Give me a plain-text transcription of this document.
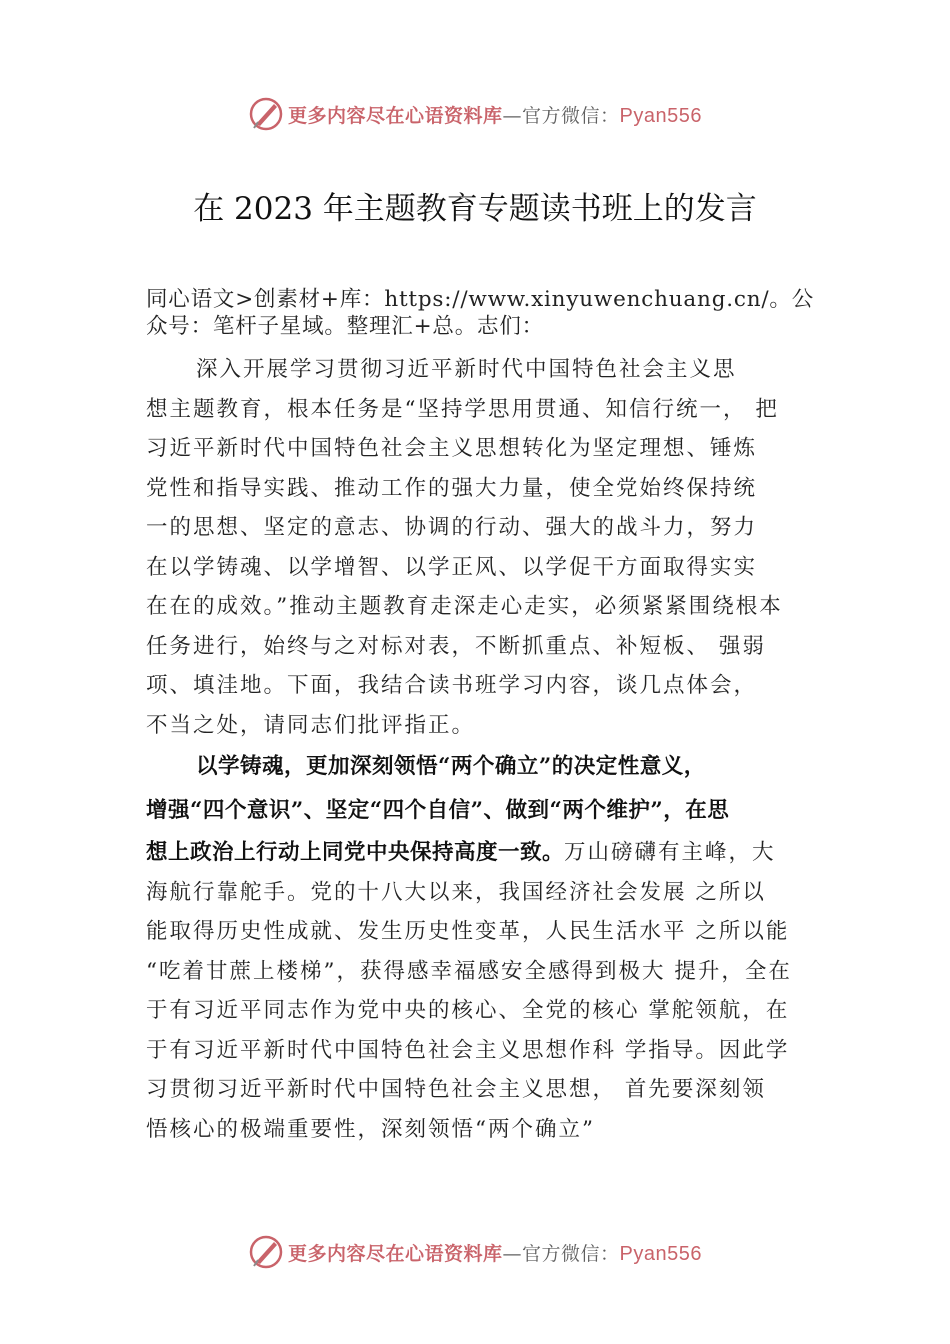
更多内容尽在心语资料库—官方微信：Pyan556
在 2023 年主题教育专题读书班上的发言
同心语文>创素材+库：https://www.xinyuwenchuang.cn/。公众号：笔杆子星域。整理汇+总。志们：
深入开展学习贯彻习近平新时代中国特色社会主义思
想主题教育，根本任务是“坚持学思用贯通、知信行统一， 把
习近平新时代中国特色社会主义思想转化为坚定理想、锤炼
党性和指导实践、推动工作的强大力量，使全党始终保持统
一的思想、坚定的意志、协调的行动、强大的战斗力，努力
在以学铸魂、以学增智、以学正风、以学促干方面取得实实
在在的成效。”推动主题教育走深走心走实，必须紧紧围绕根本
任务进行，始终与之对标对表，不断抓重点、补短板、 强弱
项、填洼地。下面，我结合读书班学习内容，谈几点体会，
不当之处，请同志们批评指正。
以学铸魂，更加深刻领悟“两个确立”的决定性意义，
增强“四个意识”、坚定“四个自信”、做到“两个维护”，在思
想上政治上行动上同党中央保持高度一致。万山磅礴有主峰，大
海航行靠舵手。党的十八大以来，我国经济社会发展 之所以
能取得历史性成就、发生历史性变革，人民生活水平 之所以能
“吃着甘蔗上楼梯”，获得感幸福感安全感得到极大 提升，全在
于有习近平同志作为党中央的核心、全党的核心 掌舵领航，在
于有习近平新时代中国特色社会主义思想作科 学指导。因此学
习贯彻习近平新时代中国特色社会主义思想， 首先要深刻领
悟核心的极端重要性，深刻领悟“两个确立”
更多内容尽在心语资料库—官方微信：Pyan556
